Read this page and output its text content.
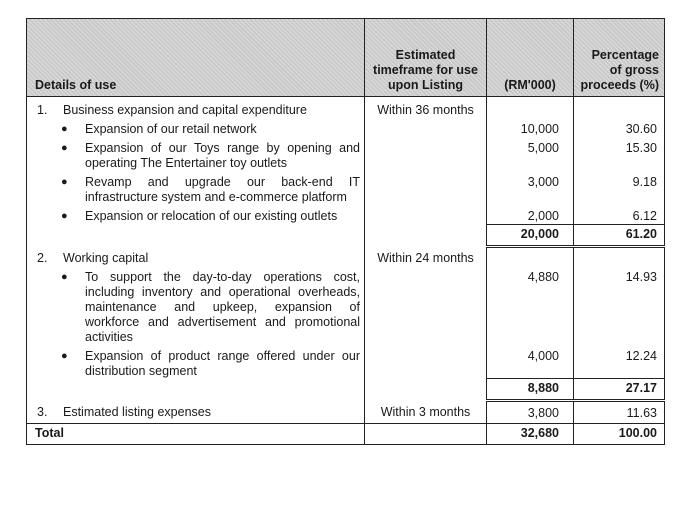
Details of use	Estimated timeframe for use upon Listing	(RM'000)	Percentage of gross proceeds (%)

1. Business expansion and capital expenditure	Within 36 months		

● Expansion of our retail network		10,000	30.60

● Expansion of our Toys range by opening and operating The Entertainer toy outlets		5,000	15.30

● Revamp and upgrade our back-end IT infrastructure system and e-commerce platform		3,000	9.18

● Expansion or relocation of our existing outlets		2,000	6.12
		20,000	61.20

2. Working capital	Within 24 months		

● To support the day-to-day operations cost, including inventory and operational overheads, maintenance and upkeep, expansion of workforce and advertisement and promotional activities		4,880	14.93

● Expansion of product range offered under our distribution segment		4,000	12.24
		8,880	27.17

3. Estimated listing expenses	Within 3 months	3,800	11.63
Total		32,680	100.00
